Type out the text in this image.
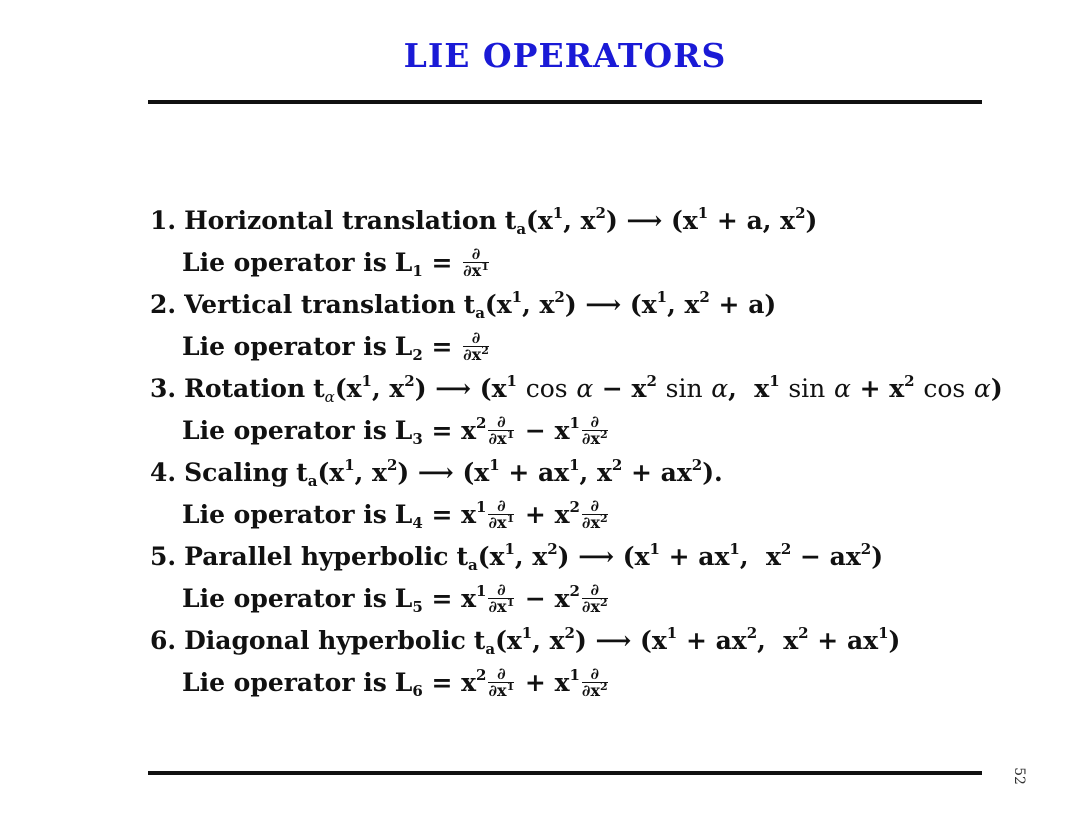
LIE OPERATORS
1. Horizontal translation $t_a(x^1$, $x^2$) ⟶ ($x^1 + a$, $x^2$)
Lie operator is $L_1 = \frac{\partial}{\partial x^1}$
2. Vertical translation $t_a(x^1$, $x^2$) ⟶ ($x^1$, $x^2 + a$)
Lie operator is $L_2 = \frac{\partial}{\partial x^2}$
3. Rotation $t_\alpha(x^1$, $x^2$) ⟶ ($x^1$ $\cos \alpha - x^2$ sin α,  $x^1$ $\sin \alpha + x^2$ cos α)
Lie operator is $L_3 = x^2 \frac{\partial}{\partial x^1} - x^1 \frac{\partial}{\partial x^2}$
4. Scaling $t_a(x^1$, $x^2$) ⟶ ($x^1 + ax^1$, $x^2 + ax^2$).
Lie operator is $L_4 = x^1 \frac{\partial}{\partial x^1} + x^2 \frac{\partial}{\partial x^2}$
5. Parallel hyperbolic $t_a(x^1$, $x^2$) ⟶ ($x^1 + ax^1$,  $x^2 - ax^2$)
Lie operator is $L_5 = x^1 \frac{\partial}{\partial x^1} - x^2 \frac{\partial}{\partial x^2}$
6. Diagonal hyperbolic $t_a(x^1$, $x^2$) ⟶ ($x^1 + ax^2$,  $x^2 + ax^1$)
Lie operator is $L_6 = x^2 \frac{\partial}{\partial x^1} + x^1 \frac{\partial}{\partial x^2}$
52
